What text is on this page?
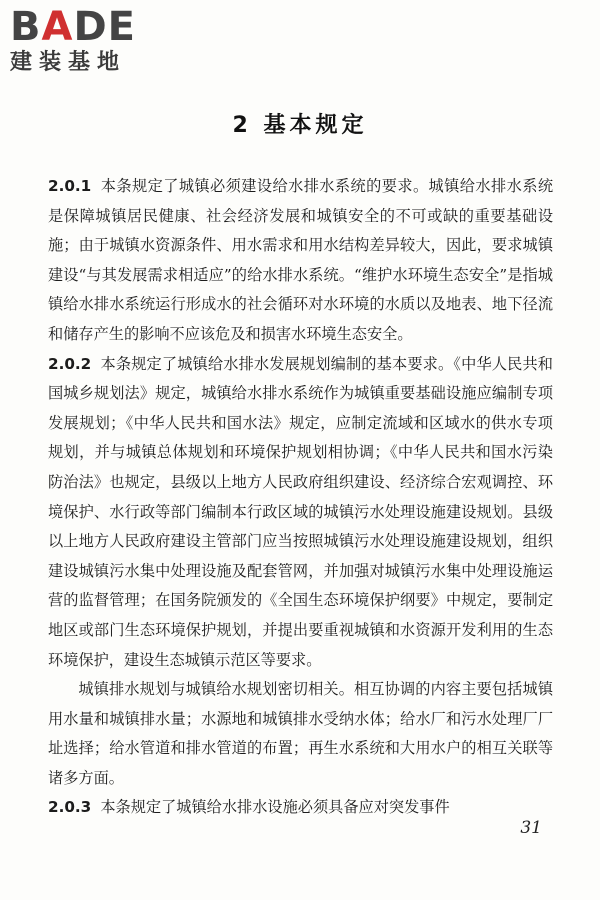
BADE
建装基地
2 基本规定

2.0.1 本条规定了城镇必须建设给水排水系统的要求。城镇给水排水系统是保障城镇居民健康、社会经济发展和城镇安全的不可或缺的重要基础设施；由于城镇水资源条件、用水需求和用水结构差异较大，因此，要求城镇建设“与其发展需求相适应”的给水排水系统。“维护水环境生态安全”是指城镇给水排水系统运行形成水的社会循环对水环境的水质以及地表、地下径流和储存产生的影响不应该危及和损害水环境生态安全。

2.0.2 本条规定了城镇给水排水发展规划编制的基本要求。《中华人民共和国城乡规划法》规定，城镇给水排水系统作为城镇重要基础设施应编制专项发展规划；《中华人民共和国水法》规定，应制定流域和区域水的供水专项规划，并与城镇总体规划和环境保护规划相协调；《中华人民共和国水污染防治法》也规定，县级以上地方人民政府组织建设、经济综合宏观调控、环境保护、水行政等部门编制本行政区域的城镇污水处理设施建设规划。县级以上地方人民政府建设主管部门应当按照城镇污水处理设施建设规划，组织建设城镇污水集中处理设施及配套管网，并加强对城镇污水集中处理设施运营的监督管理；在国务院颁发的《全国生态环境保护纲要》中规定，要制定地区或部门生态环境保护规划，并提出要重视城镇和水资源开发利用的生态环境保护，建设生态城镇示范区等要求。

城镇排水规划与城镇给水规划密切相关。相互协调的内容主要包括城镇用水量和城镇排水量；水源地和城镇排水受纳水体；给水厂和污水处理厂厂址选择；给水管道和排水管道的布置；再生水系统和大用水户的相互关联等诸多方面。

2.0.3 本条规定了城镇给水排水设施必须具备应对突发事件

31
